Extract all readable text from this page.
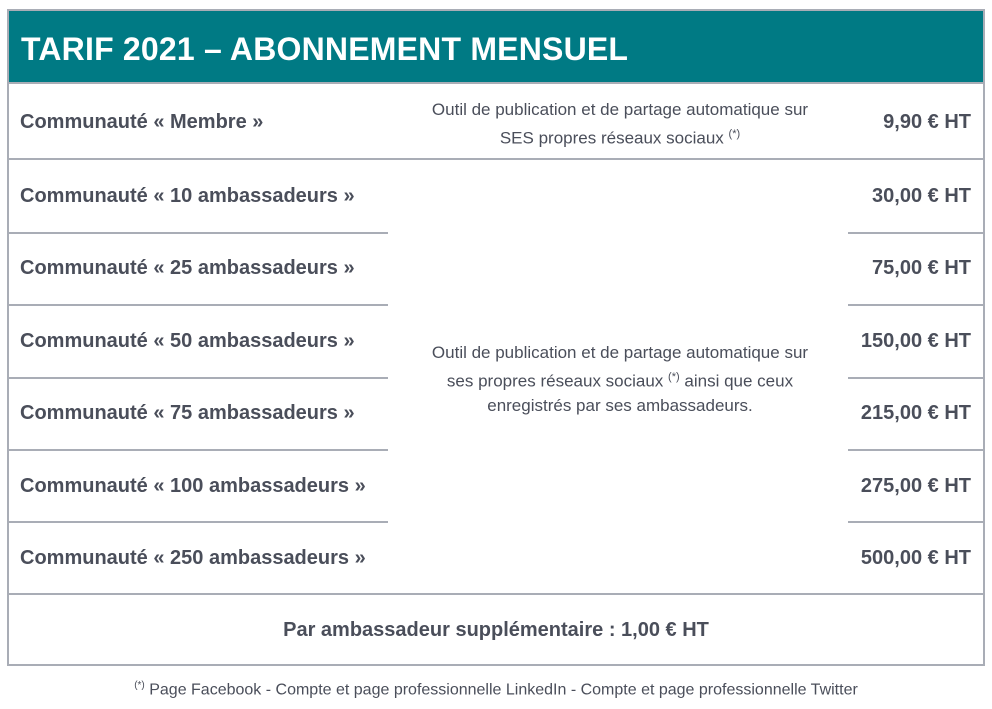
TARIF 2021 – ABONNEMENT MENSUEL
Communauté « Membre »	9,90 € HT
Outil de publication et de partage automatique sur
SES propres réseaux sociaux (*)
Communauté « 10 ambassadeurs »	30,00 € HT
Communauté « 25 ambassadeurs »	75,00 € HT
Communauté « 50 ambassadeurs »	150,00 € HT
Communauté « 75 ambassadeurs »	215,00 € HT
Communauté « 100 ambassadeurs »	275,00 € HT
Communauté « 250 ambassadeurs »	500,00 € HT
Outil de publication et de partage automatique sur
ses propres réseaux sociaux (*) ainsi que ceux
enregistrés par ses ambassadeurs.
Par ambassadeur supplémentaire : 1,00 € HT
(*) Page Facebook - Compte et page professionnelle LinkedIn - Compte et page professionnelle Twitter
